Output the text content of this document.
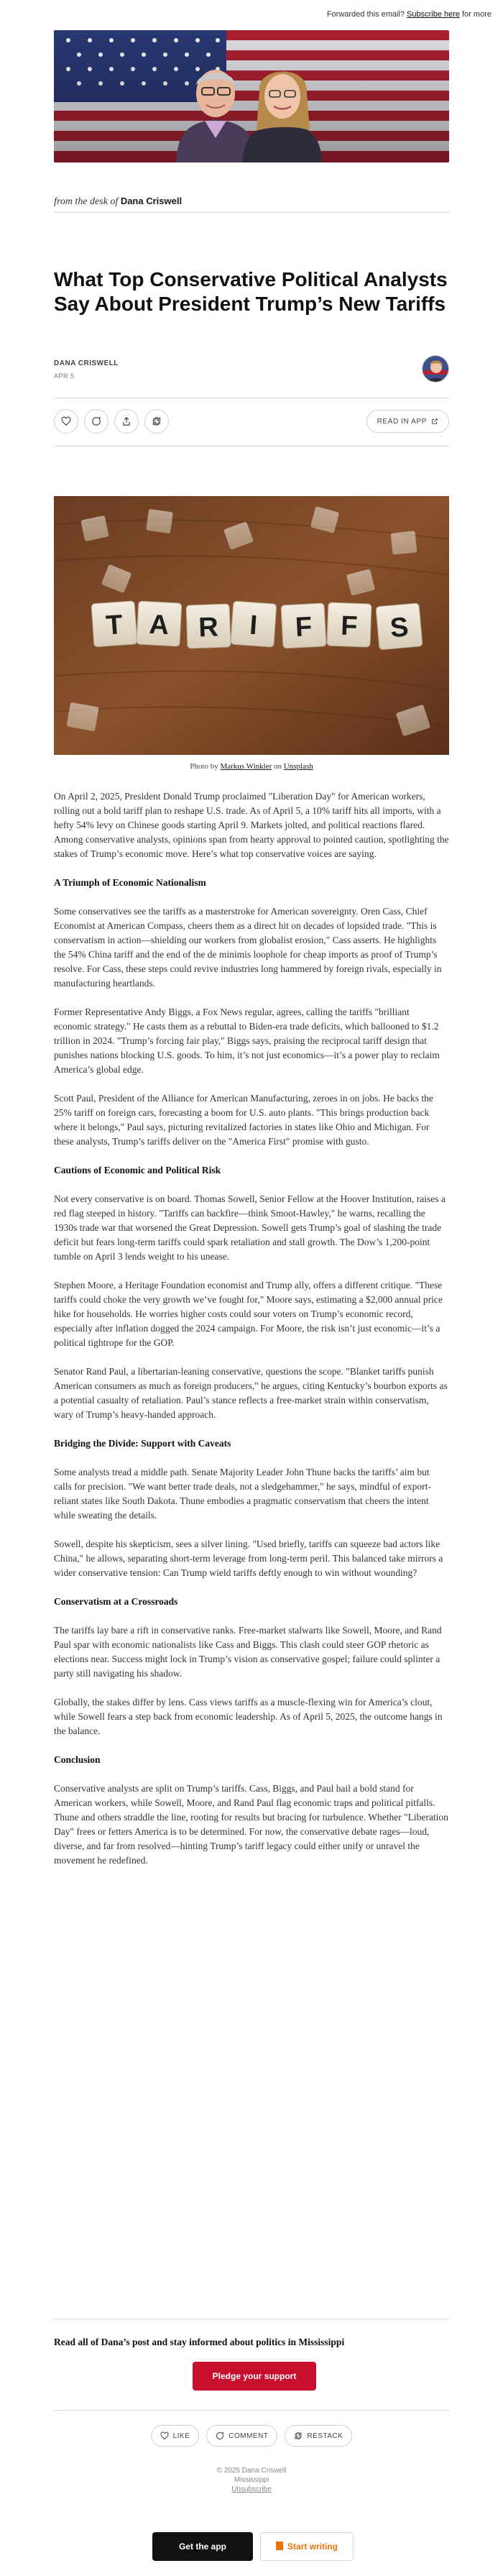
Forwarded this email? Subscribe here for more
from the desk of Dana Criswell
What Top Conservative Political Analysts Say About President Trump’s New Tariffs
DANA CRISWELL
APR 5
READ IN APP
T A R I F F S
Photo by Markus Winkler on Unsplash

On April 2, 2025, President Donald Trump proclaimed "Liberation Day" for American workers, rolling out a bold tariff plan to reshape U.S. trade. As of April 5, a 10% tariff hits all imports, with a hefty 54% levy on Chinese goods starting April 9. Markets jolted, and political reactions flared. Among conservative analysts, opinions span from hearty approval to pointed caution, spotlighting the stakes of Trump’s economic move. Here’s what top conservative voices are saying.

A Triumph of Economic Nationalism

Some conservatives see the tariffs as a masterstroke for American sovereignty. Oren Cass, Chief Economist at American Compass, cheers them as a direct hit on decades of lopsided trade. "This is conservatism in action—shielding our workers from globalist erosion," Cass asserts. He highlights the 54% China tariff and the end of the de minimis loophole for cheap imports as proof of Trump’s resolve. For Cass, these steps could revive industries long hammered by foreign rivals, especially in manufacturing heartlands.

Former Representative Andy Biggs, a Fox News regular, agrees, calling the tariffs "brilliant economic strategy." He casts them as a rebuttal to Biden-era trade deficits, which ballooned to $1.2 trillion in 2024. "Trump’s forcing fair play," Biggs says, praising the reciprocal tariff design that punishes nations blocking U.S. goods. To him, it’s not just economics—it’s a power play to reclaim America’s global edge.

Scott Paul, President of the Alliance for American Manufacturing, zeroes in on jobs. He backs the 25% tariff on foreign cars, forecasting a boom for U.S. auto plants. "This brings production back where it belongs," Paul says, picturing revitalized factories in states like Ohio and Michigan. For these analysts, Trump’s tariffs deliver on the "America First" promise with gusto.

Cautions of Economic and Political Risk

Not every conservative is on board. Thomas Sowell, Senior Fellow at the Hoover Institution, raises a red flag steeped in history. "Tariffs can backfire—think Smoot-Hawley," he warns, recalling the 1930s trade war that worsened the Great Depression. Sowell gets Trump’s goal of slashing the trade deficit but fears long-term tariffs could spark retaliation and stall growth. The Dow’s 1,200-point tumble on April 3 lends weight to his unease.

Stephen Moore, a Heritage Foundation economist and Trump ally, offers a different critique. "These tariffs could choke the very growth we’ve fought for," Moore says, estimating a $2,000 annual price hike for households. He worries higher costs could sour voters on Trump’s economic record, especially after inflation dogged the 2024 campaign. For Moore, the risk isn’t just economic—it’s a political tightrope for the GOP.

Senator Rand Paul, a libertarian-leaning conservative, questions the scope. "Blanket tariffs punish American consumers as much as foreign producers," he argues, citing Kentucky’s bourbon exports as a potential casualty of retaliation. Paul’s stance reflects a free-market strain within conservatism, wary of Trump’s heavy-handed approach.

Bridging the Divide: Support with Caveats

Some analysts tread a middle path. Senate Majority Leader John Thune backs the tariffs’ aim but calls for precision. "We want better trade deals, not a sledgehammer," he says, mindful of export-reliant states like South Dakota. Thune embodies a pragmatic conservatism that cheers the intent while sweating the details.

Sowell, despite his skepticism, sees a silver lining. "Used briefly, tariffs can squeeze bad actors like China," he allows, separating short-term leverage from long-term peril. This balanced take mirrors a wider conservative tension: Can Trump wield tariffs deftly enough to win without wounding?

Conservatism at a Crossroads

The tariffs lay bare a rift in conservative ranks. Free-market stalwarts like Sowell, Moore, and Rand Paul spar with economic nationalists like Cass and Biggs. This clash could steer GOP rhetoric as elections near. Success might lock in Trump’s vision as conservative gospel; failure could splinter a party still navigating his shadow.

Globally, the stakes differ by lens. Cass views tariffs as a muscle-flexing win for America’s clout, while Sowell fears a step back from economic leadership. As of April 5, 2025, the outcome hangs in the balance.

Conclusion

Conservative analysts are split on Trump’s tariffs. Cass, Biggs, and Paul hail a bold stand for American workers, while Sowell, Moore, and Rand Paul flag economic traps and political pitfalls. Thune and others straddle the line, rooting for results but bracing for turbulence. Whether "Liberation Day" frees or fetters America is to be determined. For now, the conservative debate rages—loud, diverse, and far from resolved—hinting Trump’s tariff legacy could either unify or unravel the movement he redefined.

Read all of Dana’s post and stay informed about politics in Mississippi
Pledge your support
LIKE	COMMENT	RESTACK
© 2025 Dana Criswell
Mississippi
Unsubscribe
Get the app	Start writing
